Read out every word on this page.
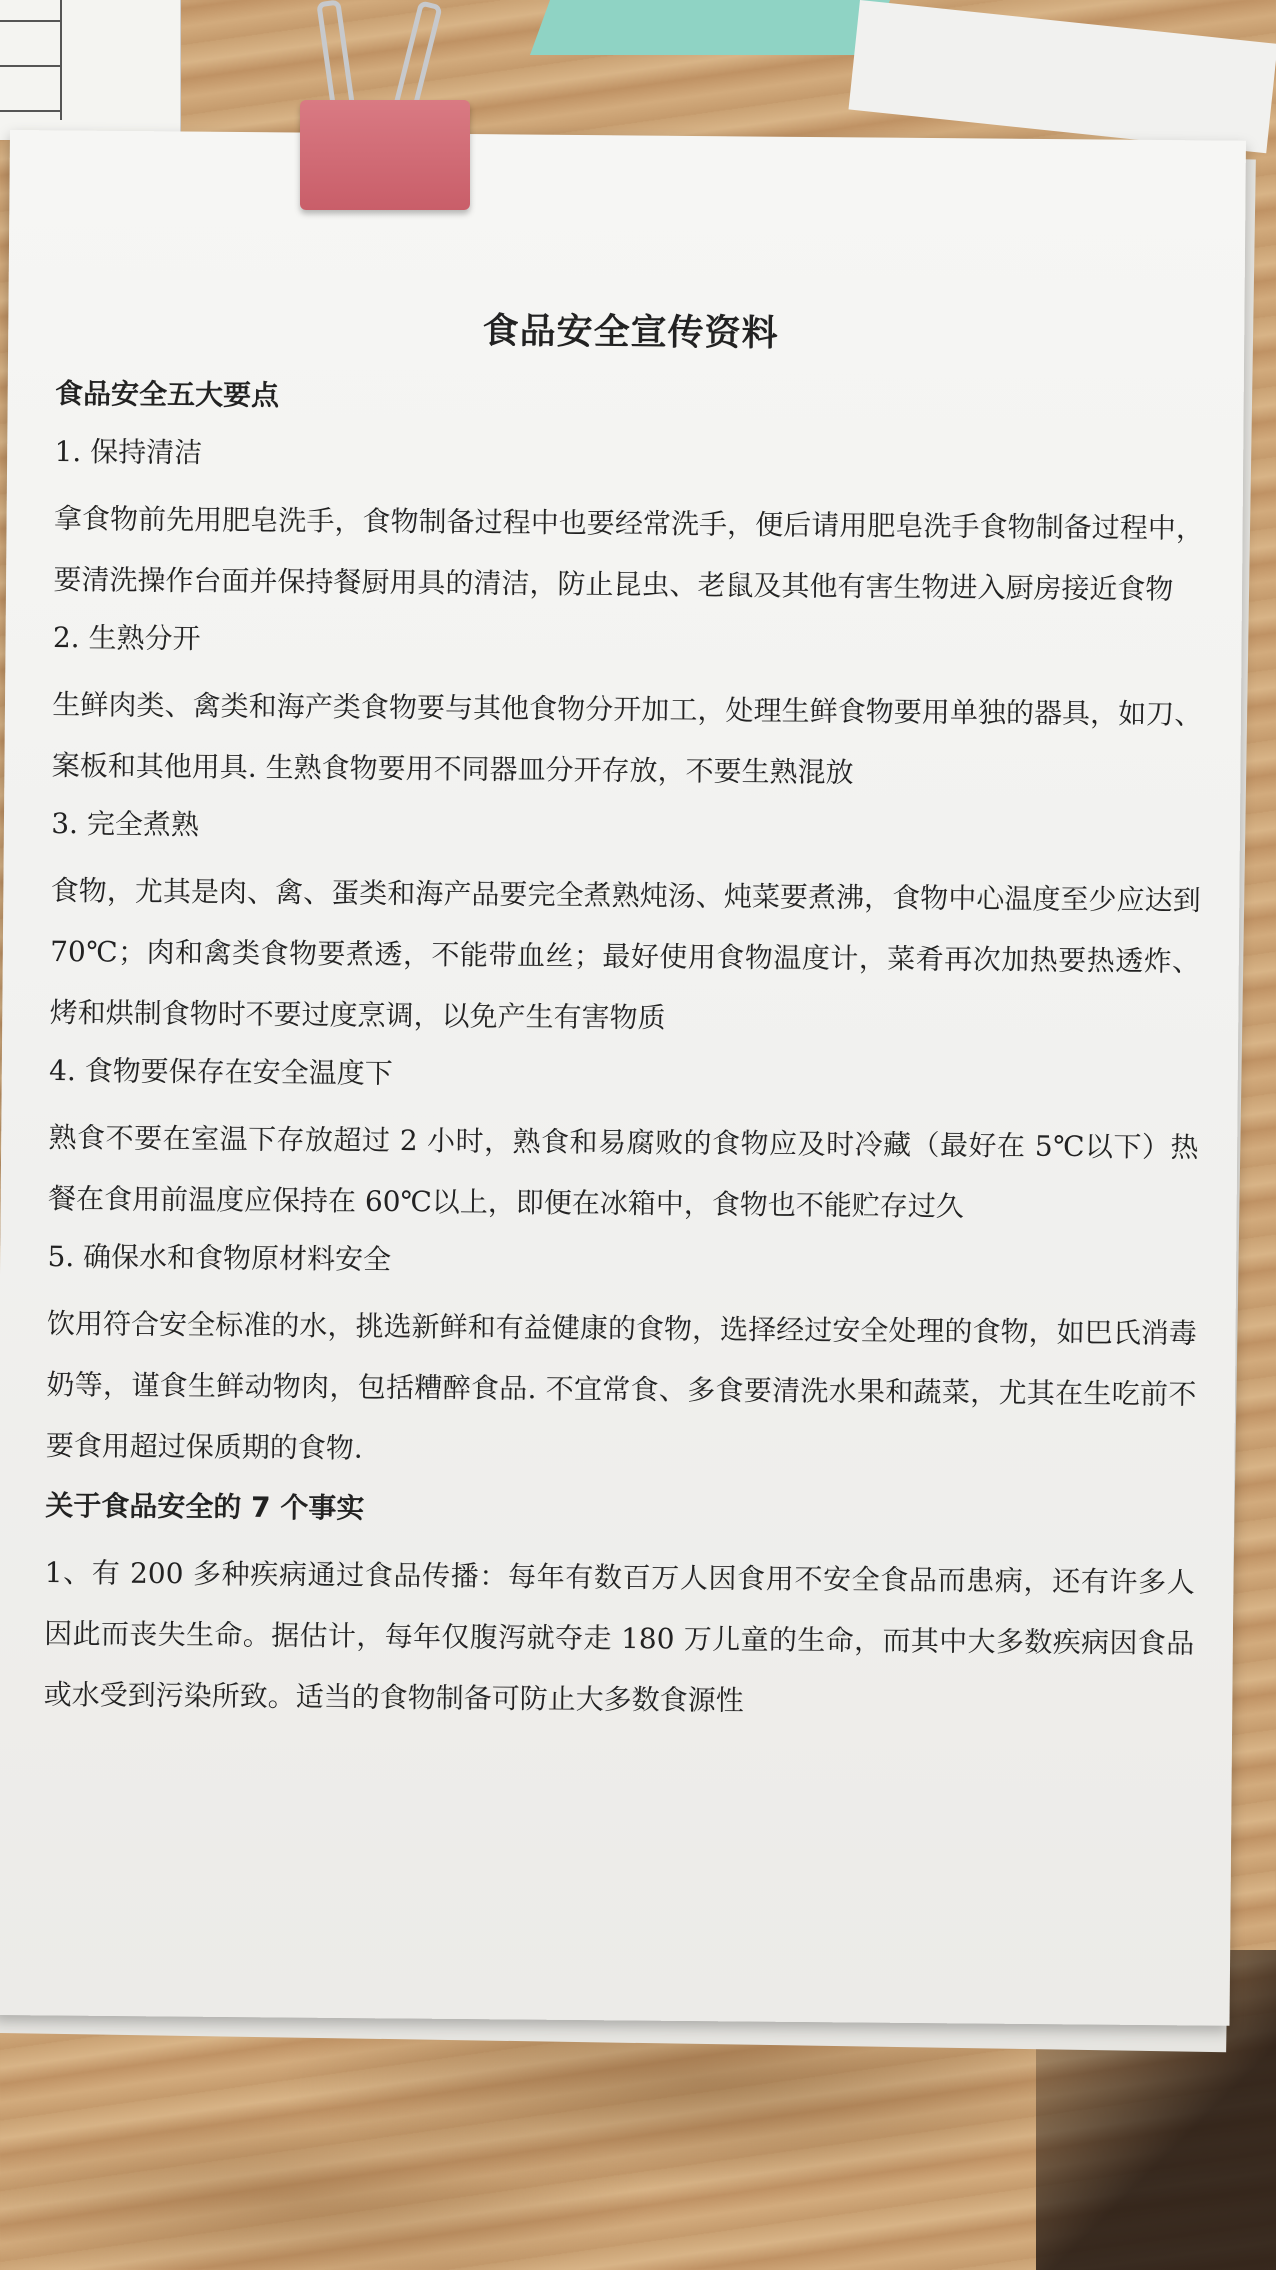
食品安全宣传资料
食品安全五大要点
1. 保持清洁

拿食物前先用肥皂洗手，食物制备过程中也要经常洗手，便后请用肥皂洗手食物制备过程中，要清洗操作台面并保持餐厨用具的清洁，防止昆虫、老鼠及其他有害生物进入厨房接近食物

2. 生熟分开

生鲜肉类、禽类和海产类食物要与其他食物分开加工，处理生鲜食物要用单独的器具，如刀、案板和其他用具. 生熟食物要用不同器皿分开存放，不要生熟混放

3. 完全煮熟

食物，尤其是肉、禽、蛋类和海产品要完全煮熟炖汤、炖菜要煮沸，食物中心温度至少应达到 70℃；肉和禽类食物要煮透，不能带血丝；最好使用食物温度计，菜肴再次加热要热透炸、烤和烘制食物时不要过度烹调，以免产生有害物质

4. 食物要保存在安全温度下

熟食不要在室温下存放超过 2 小时，熟食和易腐败的食物应及时冷藏（最好在 5℃以下）热餐在食用前温度应保持在 60℃以上，即便在冰箱中，食物也不能贮存过久

5. 确保水和食物原材料安全

饮用符合安全标准的水，挑选新鲜和有益健康的食物，选择经过安全处理的食物，如巴氏消毒奶等，谨食生鲜动物肉，包括糟醉食品. 不宜常食、多食要清洗水果和蔬菜，尤其在生吃前不要食用超过保质期的食物.

关于食品安全的 7 个事实

1、有 200 多种疾病通过食品传播：每年有数百万人因食用不安全食品而患病，还有许多人因此而丧失生命。据估计，每年仅腹泻就夺走 180 万儿童的生命，而其中大多数疾病因食品或水受到污染所致。适当的食物制备可防止大多数食源性
